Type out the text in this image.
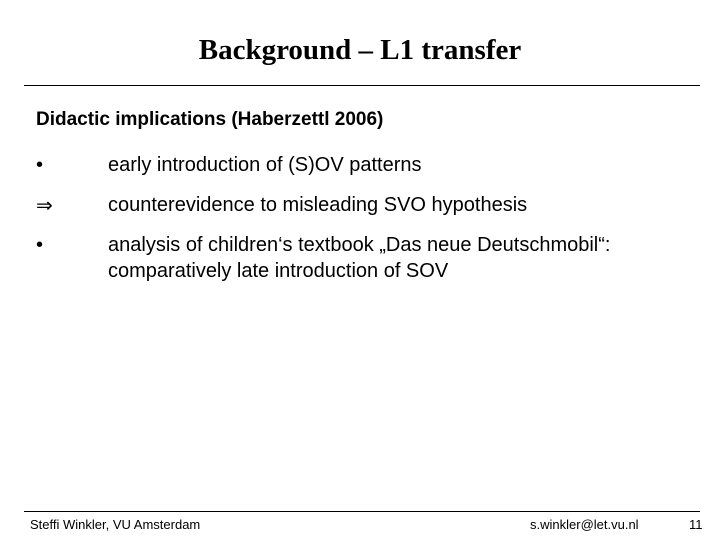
Background – L1 transfer
Didactic implications (Haberzettl 2006)
•	early introduction of (S)OV patterns
⇒	counterevidence to misleading SVO hypothesis
•	analysis of children‘s textbook „Das neue Deutschmobil“:
comparatively late introduction of SOV
Steffi Winkler, VU Amsterdam	s.winkler@let.vu.nl	11
